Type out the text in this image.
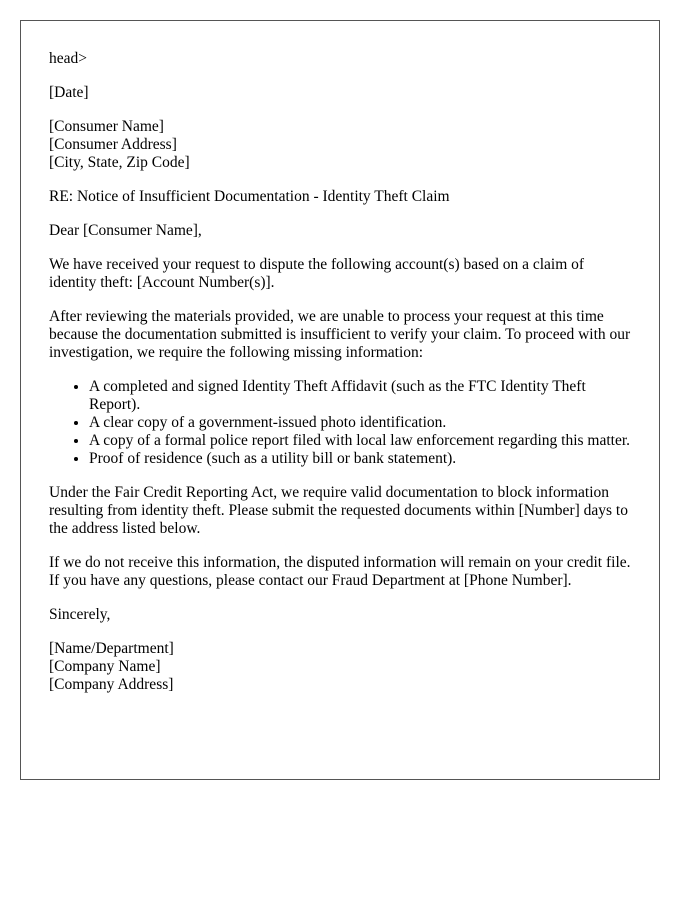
head>
[Date]
[Consumer Name]
[Consumer Address]
[City, State, Zip Code]

RE: Notice of Insufficient Documentation - Identity Theft Claim

Dear [Consumer Name],

We have received your request to dispute the following account(s) based on a claim of identity theft: [Account Number(s)].

After reviewing the materials provided, we are unable to process your request at this time because the documentation submitted is insufficient to verify your claim. To proceed with our investigation, we require the following missing information:

• A completed and signed Identity Theft Affidavit (such as the FTC Identity Theft Report).
• A clear copy of a government-issued photo identification.
• A copy of a formal police report filed with local law enforcement regarding this matter.
• Proof of residence (such as a utility bill or bank statement).

Under the Fair Credit Reporting Act, we require valid documentation to block information resulting from identity theft. Please submit the requested documents within [Number] days to the address listed below.

If we do not receive this information, the disputed information will remain on your credit file. If you have any questions, please contact our Fraud Department at [Phone Number].

Sincerely,

[Name/Department]
[Company Name]
[Company Address]
